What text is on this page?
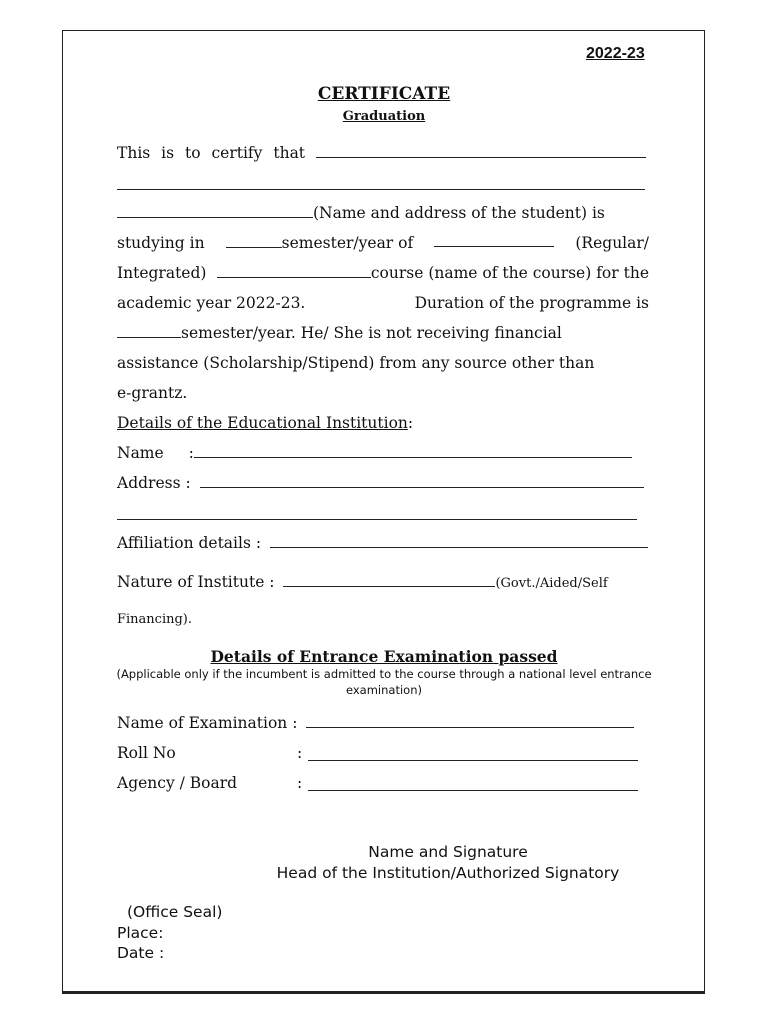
2022-23
CERTIFICATE
Graduation
This is to certify that
(Name and address of the student) is
studying in	semester/year of	(Regular/
Integrated)	course (name of the course) for the
academic year 2022-23.	Duration of the programme is
semester/year. He/ She is not receiving financial
assistance (Scholarship/Stipend) from any source other than
e-grantz.
Details of the Educational Institution:
Name :
Address :
Affiliation details :
Nature of Institute :	(Govt./Aided/Self
Financing).
Details of Entrance Examination passed
(Applicable only if the incumbent is admitted to the course through a national level entrance examination)
Name of Examination :
Roll No	:
Agency / Board	:
Name and Signature
Head of the Institution/Authorized Signatory
(Office Seal)
Place:
Date :
